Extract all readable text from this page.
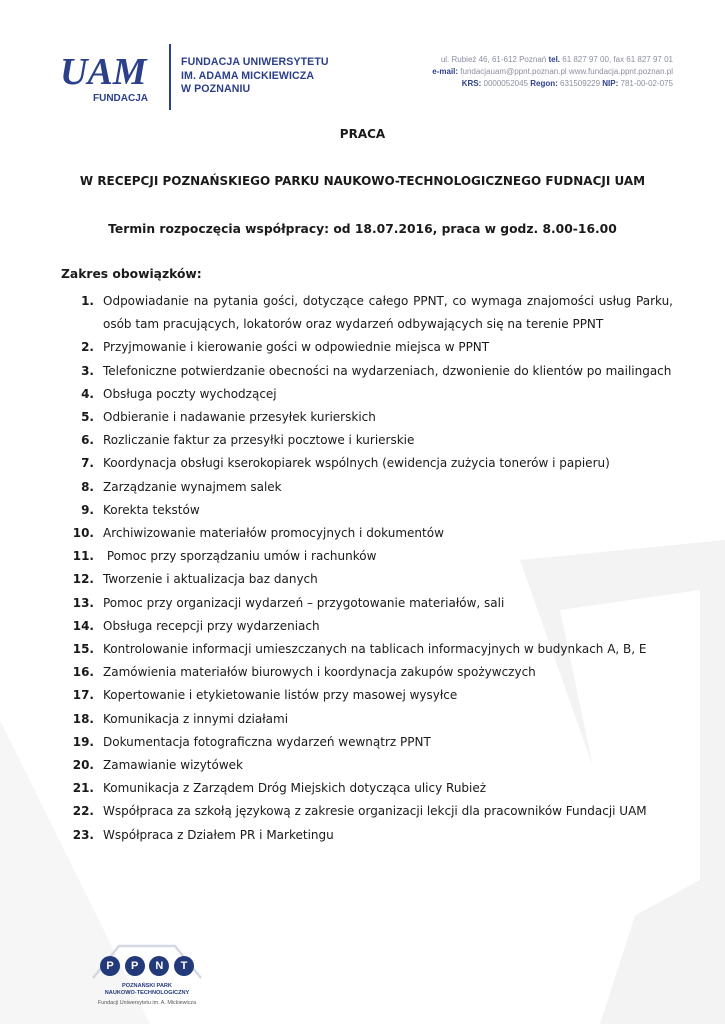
UAM
FUNDACJA
FUNDACJA UNIWERSYTETU
IM. ADAMA MICKIEWICZA
W POZNANIU
ul. Rubież 46, 61-612 Poznań tel. 61 827 97 00, fax 61 827 97 01
e-mail: fundacjauam@ppnt.poznan.pl www.fundacja.ppnt.poznan.pl
KRS: 0000052045 Regon: 631509229 NIP: 781-00-02-075
PRACA
W RECEPCJI POZNAŃSKIEGO PARKU NAUKOWO-TECHNOLOGICZNEGO FUDNACJI UAM
Termin rozpoczęcia współpracy: od 18.07.2016, praca w godz. 8.00-16.00
Zakres obowiązków:
1. Odpowiadanie na pytania gości, dotyczące całego PPNT, co wymaga znajomości usług Parku, osób tam pracujących, lokatorów oraz wydarzeń odbywających się na terenie PPNT
2. Przyjmowanie i kierowanie gości w odpowiednie miejsca w PPNT
3. Telefoniczne potwierdzanie obecności na wydarzeniach, dzwonienie do klientów po mailingach
4. Obsługa poczty wychodzącej
5. Odbieranie i nadawanie przesyłek kurierskich
6. Rozliczanie faktur za przesyłki pocztowe i kurierskie
7. Koordynacja obsługi kserokopiarek wspólnych (ewidencja zużycia tonerów i papieru)
8. Zarządzanie wynajmem salek
9. Korekta tekstów
10. Archiwizowanie materiałów promocyjnych i dokumentów
11. Pomoc przy sporządzaniu umów i rachunków
12. Tworzenie i aktualizacja baz danych
13. Pomoc przy organizacji wydarzeń – przygotowanie materiałów, sali
14. Obsługa recepcji przy wydarzeniach
15. Kontrolowanie informacji umieszczanych na tablicach informacyjnych w budynkach A, B, E
16. Zamówienia materiałów biurowych i koordynacja zakupów spożywczych
17. Kopertowanie i etykietowanie listów przy masowej wysyłce
18. Komunikacja z innymi działami
19. Dokumentacja fotograficzna wydarzeń wewnątrz PPNT
20. Zamawianie wizytówek
21. Komunikacja z Zarządem Dróg Miejskich dotycząca ulicy Rubież
22. Współpraca za szkołą językową z zakresie organizacji lekcji dla pracowników Fundacji UAM
23. Współpraca z Działem PR i Marketingu
P	P	N	T
POZNAŃSKI PARK
NAUKOWO-TECHNOLOGICZNY
Fundacji Uniwersytetu im. A. Mickiewicza
